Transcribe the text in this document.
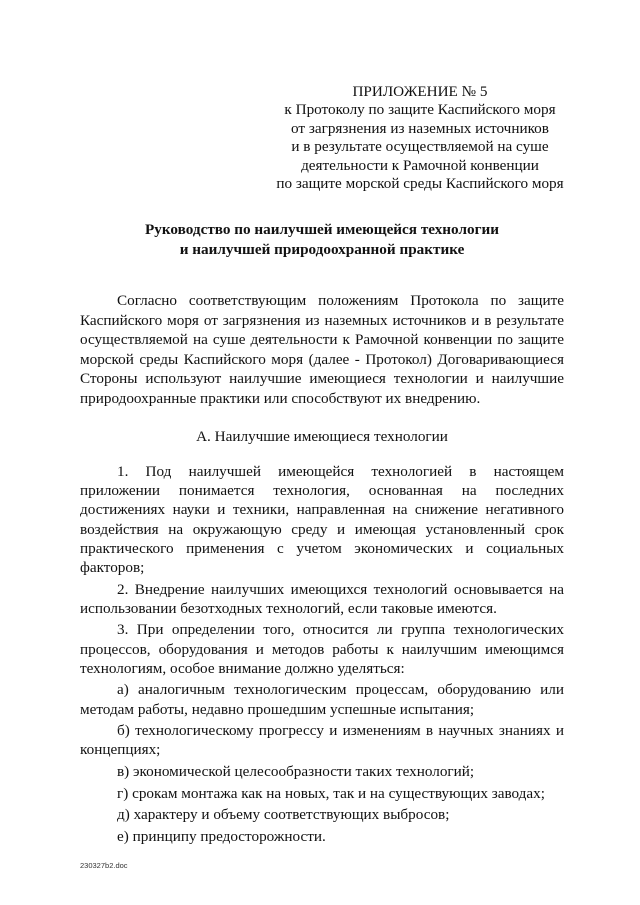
ПРИЛОЖЕНИЕ № 5
к Протоколу по защите Каспийского моря
от загрязнения из наземных источников
и в результате осуществляемой на суше
деятельности к Рамочной конвенции
по защите морской среды Каспийского моря
Руководство по наилучшей имеющейся технологии
и наилучшей природоохранной практике

Согласно соответствующим положениям Протокола по защите Каспийского моря от загрязнения из наземных источников и в результате осуществляемой на суше деятельности к Рамочной конвенции по защите морской среды Каспийского моря (далее - Протокол) Договаривающиеся Стороны используют наилучшие имеющиеся технологии и наилучшие природоохранные практики или способствуют их внедрению.

А. Наилучшие имеющиеся технологии

1. Под наилучшей имеющейся технологией в настоящем приложении понимается технология, основанная на последних достижениях науки и техники, направленная на снижение негативного воздействия на окружающую среду и имеющая установленный срок практического применения с учетом экономических и социальных факторов;

2. Внедрение наилучших имеющихся технологий основывается на использовании безотходных технологий, если таковые имеются.

3. При определении того, относится ли группа технологических процессов, оборудования и методов работы к наилучшим имеющимся технологиям, особое внимание должно уделяться:

а) аналогичным технологическим процессам, оборудованию или методам работы, недавно прошедшим успешные испытания;

б) технологическому прогрессу и изменениям в научных знаниях и концепциях;

в) экономической целесообразности таких технологий;

г) срокам монтажа как на новых, так и на существующих заводах;

д) характеру и объему соответствующих выбросов;

е) принципу предосторожности.

230327b2.doc
